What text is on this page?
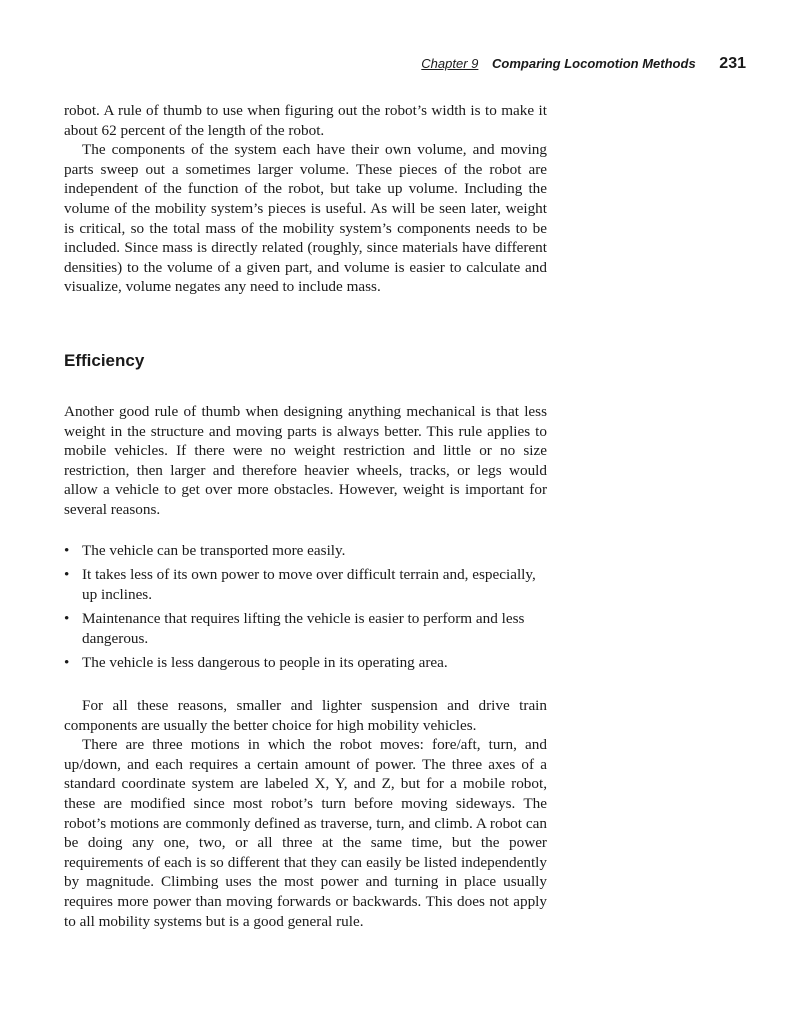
Chapter 9 Comparing Locomotion Methods 231

robot. A rule of thumb to use when figuring out the robot’s width is to make it about 62 percent of the length of the robot.

The components of the system each have their own volume, and moving parts sweep out a sometimes larger volume. These pieces of the robot are independent of the function of the robot, but take up volume. Including the volume of the mobility system’s pieces is useful. As will be seen later, weight is critical, so the total mass of the mobility system’s components needs to be included. Since mass is directly related (roughly, since materials have different densities) to the volume of a given part, and volume is easier to calculate and visualize, volume negates any need to include mass.

Efficiency

Another good rule of thumb when designing anything mechanical is that less weight in the structure and moving parts is always better. This rule applies to mobile vehicles. If there were no weight restriction and little or no size restriction, then larger and therefore heavier wheels, tracks, or legs would allow a vehicle to get over more obstacles. However, weight is important for several reasons.

• The vehicle can be transported more easily.
• It takes less of its own power to move over difficult terrain and, especially, up inclines.
• Maintenance that requires lifting the vehicle is easier to perform and less dangerous.
• The vehicle is less dangerous to people in its operating area.

For all these reasons, smaller and lighter suspension and drive train components are usually the better choice for high mobility vehicles.

There are three motions in which the robot moves: fore/aft, turn, and up/down, and each requires a certain amount of power. The three axes of a standard coordinate system are labeled X, Y, and Z, but for a mobile robot, these are modified since most robot’s turn before moving sideways. The robot’s motions are commonly defined as traverse, turn, and climb. A robot can be doing any one, two, or all three at the same time, but the power requirements of each is so different that they can easily be listed independently by magnitude. Climbing uses the most power and turning in place usually requires more power than moving forwards or backwards. This does not apply to all mobility systems but is a good general rule.
